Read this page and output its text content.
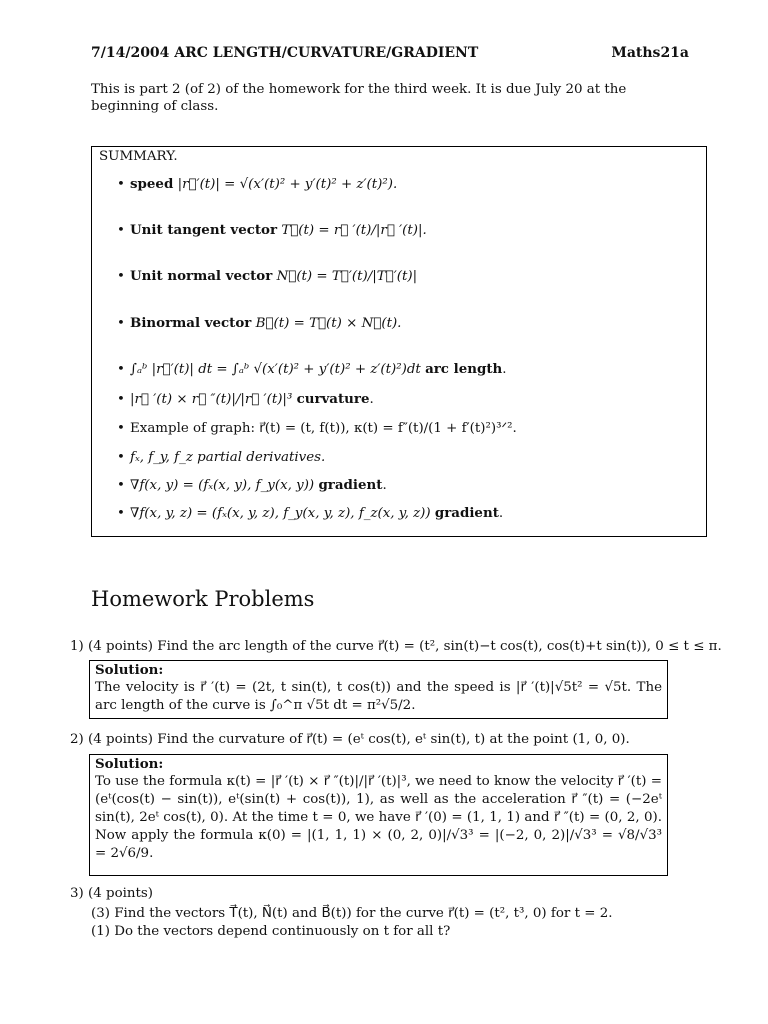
7/14/2004 ARC LENGTH/CURVATURE/GRADIENT	Maths21a
This is part 2 (of 2) of the homework for the third week. It is due July 20 at the beginning of class.
SUMMARY.
• speed |r⃗′(t)| = √(x′(t)² + y′(t)² + z′(t)²).
• Unit tangent vector T⃗(t) = r⃗ ′(t)/|r⃗ ′(t)|.
• Unit normal vector N⃗(t) = T⃗′(t)/|T⃗′(t)|
• Binormal vector B⃗(t) = T⃗(t) × N⃗(t).
• ∫ₐᵇ |r⃗′(t)| dt = ∫ₐᵇ √(x′(t)² + y′(t)² + z′(t)²)dt arc length.
• |r⃗ ′(t) × r⃗ ″(t)|/|r⃗ ′(t)|³ curvature.
• Example of graph: r⃗(t) = (t, f(t)), κ(t) = f″(t)/(1 + f′(t)²)³ᐟ².
• fₓ, f_y, f_z partial derivatives.
• ∇f(x, y) = (fₓ(x, y), f_y(x, y)) gradient.
• ∇f(x, y, z) = (fₓ(x, y, z), f_y(x, y, z), f_z(x, y, z)) gradient.
Homework Problems
1) (4 points) Find the arc length of the curve r⃗(t) = (t², sin(t)−t cos(t), cos(t)+t sin(t)), 0 ≤ t ≤ π.
Solution:
The velocity is r⃗ ′(t) = (2t, t sin(t), t cos(t)) and the speed is |r⃗ ′(t)|√5t² = √5t. The arc length of the curve is ∫₀^π √5t dt = π²√5/2.
2) (4 points) Find the curvature of r⃗(t) = (eᵗ cos(t), eᵗ sin(t), t) at the point (1, 0, 0).
Solution:
To use the formula κ(t) = |r⃗ ′(t) × r⃗ ″(t)|/|r⃗ ′(t)|³, we need to know the velocity r⃗ ′(t) = (eᵗ(cos(t) − sin(t)), eᵗ(sin(t) + cos(t)), 1), as well as the acceleration r⃗ ″(t) = (−2eᵗ sin(t), 2eᵗ cos(t), 0). At the time t = 0, we have r⃗ ′(0) = (1, 1, 1) and r⃗ ″(t) = (0, 2, 0). Now apply the formula κ(0) = |(1, 1, 1) × (0, 2, 0)|/√3³ = |(−2, 0, 2)|/√3³ = √8/√3³ = 2√6/9.
3) (4 points)
(3) Find the vectors T⃗(t), N⃗(t) and B⃗(t)) for the curve r⃗(t) = (t², t³, 0) for t = 2.
(1) Do the vectors depend continuously on t for all t?
